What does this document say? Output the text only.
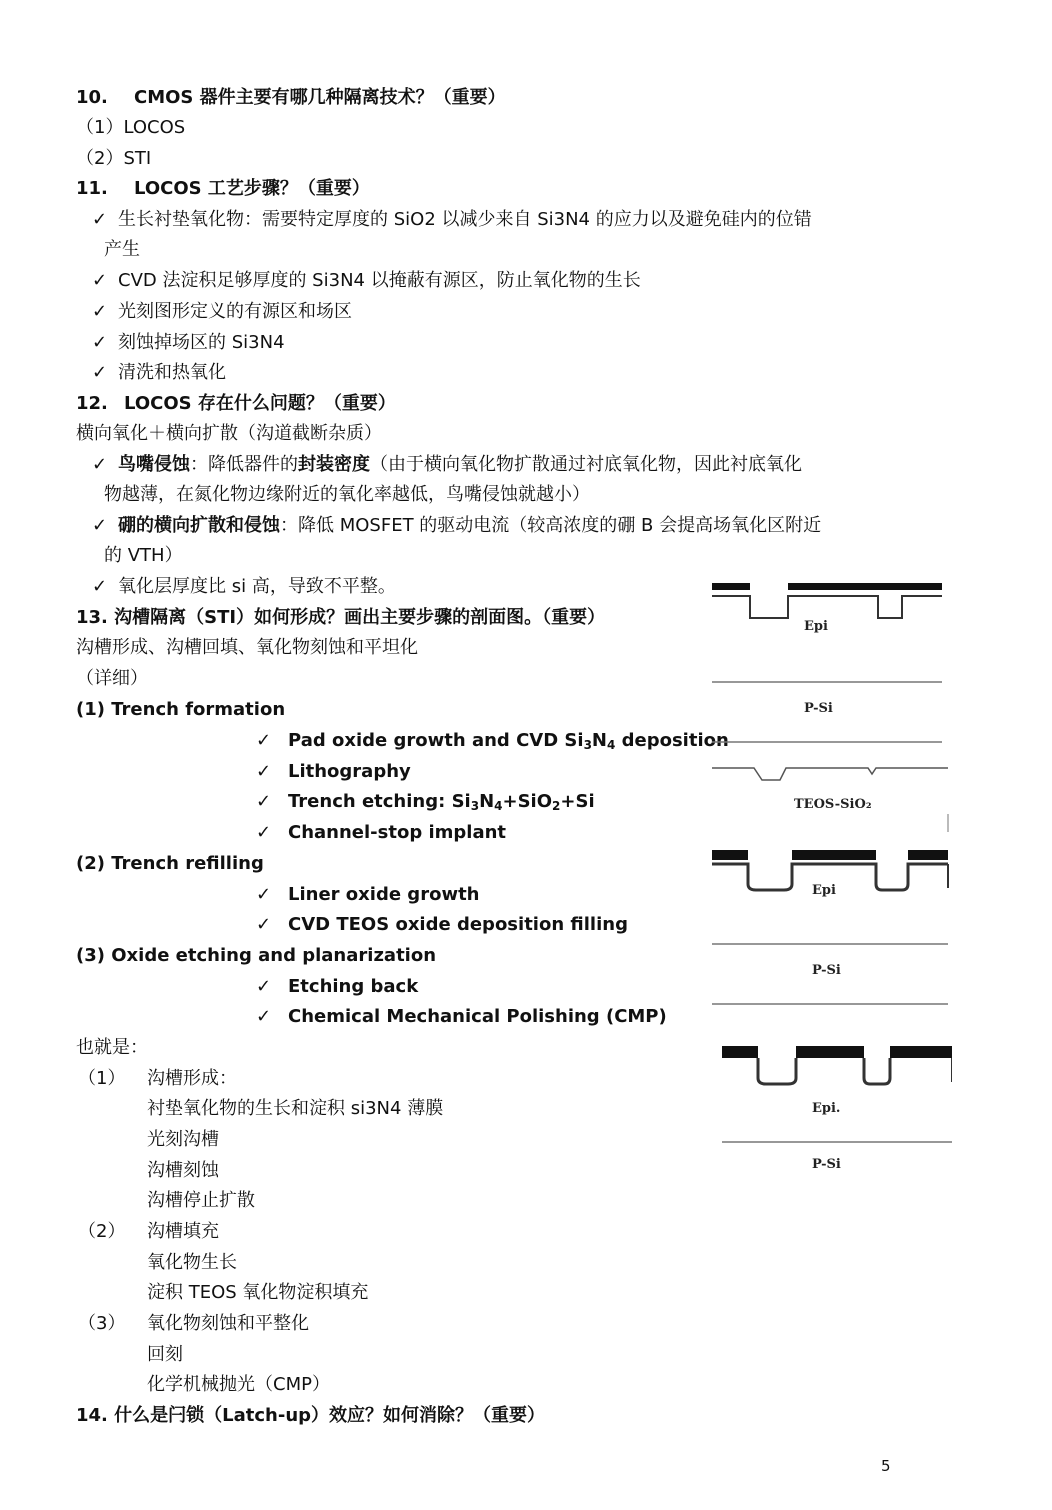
10. CMOS 器件主要有哪几种隔离技术？（重要）
（1）LOCOS
（2）STI
11. LOCOS 工艺步骤？（重要）
✓ 生长衬垫氧化物：需要特定厚度的 SiO2 以减少来自 Si3N4 的应力以及避免硅内的位错
产生
✓ CVD 法淀积足够厚度的 Si3N4 以掩蔽有源区，防止氧化物的生长
✓ 光刻图形定义的有源区和场区
✓ 刻蚀掉场区的 Si3N4
✓ 清洗和热氧化
12. LOCOS 存在什么问题？（重要）
横向氧化＋横向扩散（沟道截断杂质）
✓ 鸟嘴侵蚀：降低器件的封装密度（由于横向氧化物扩散通过衬底氧化物，因此衬底氧化
物越薄，在氮化物边缘附近的氧化率越低，鸟嘴侵蚀就越小）
✓ 硼的横向扩散和侵蚀：降低 MOSFET 的驱动电流（较高浓度的硼 B 会提高场氧化区附近
的 VTH）
✓ 氧化层厚度比 si 高，导致不平整。
13. 沟槽隔离（STI）如何形成？画出主要步骤的剖面图。（重要）
沟槽形成、沟槽回填、氧化物刻蚀和平坦化
（详细）
(1) Trench formation
✓ Pad oxide growth and CVD $Si_3N_4$ deposition
✓ Lithography
✓ Trench etching: $Si_3N_4+SiO_2+Si$
✓ Channel-stop implant
(2) Trench refilling
✓ Liner oxide growth
✓ CVD TEOS oxide deposition filling
(3) Oxide etching and planarization
✓ Etching back
✓ Chemical Mechanical Polishing (CMP)
也就是：
（1） 沟槽形成：
衬垫氧化物的生长和淀积 si3N4 薄膜
光刻沟槽
沟槽刻蚀
沟槽停止扩散
（2） 沟槽填充
氧化物生长
淀积 TEOS 氧化物淀积填充
（3） 氧化物刻蚀和平整化
回刻
化学机械抛光（CMP）
14. 什么是闩锁（Latch-up）效应？如何消除？（重要）
Epi
P-Si
TEOS-SiO₂
Epi
P-Si
Epi.
P-Si
5
